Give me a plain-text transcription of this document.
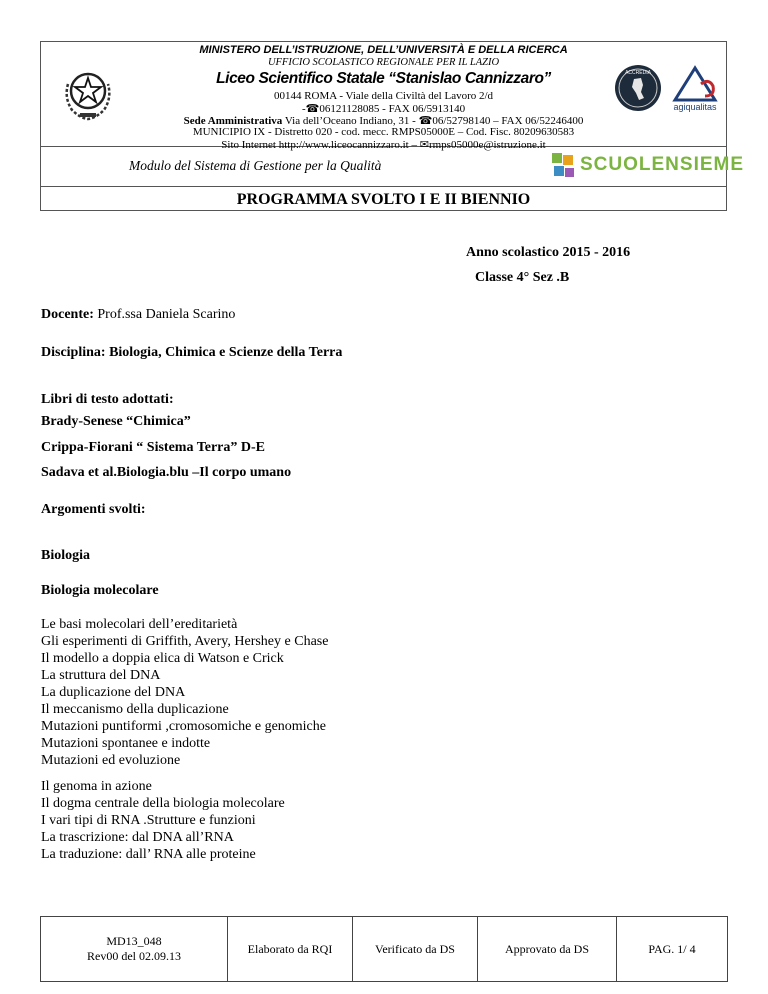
MINISTERO DELL’ISTRUZIONE, DELL’UNIVERSITÀ E DELLA RICERCA
UFFICIO SCOLASTICO REGIONALE PER IL LAZIO
Liceo Scientifico Statale “Stanislao Cannizzaro”
00144 ROMA - Viale della Civiltà del Lavoro 2/d
-☎06121128085 - FAX 06/5913140
Sede Amministrativa Via dell’Oceano Indiano, 31 - ☎06/52798140 – FAX 06/52246400
MUNICIPIO IX - Distretto 020 - cod. mecc. RMPS05000E – Cod. Fisc. 80209630583
Sito Internet http://www.liceocannizzaro.it – ✉rmps05000e@istruzione.it
ACCREDIA
agiqualitas
Modulo del Sistema di Gestione per la Qualità	SCUOLENSIEME
PROGRAMMA SVOLTO I E II BIENNIO
Anno scolastico 2015 - 2016
Classe 4° Sez .B
Docente: Prof.ssa Daniela Scarino
Disciplina: Biologia, Chimica e Scienze della Terra
Libri di testo adottati:
Brady-Senese “Chimica”
Crippa-Fiorani “ Sistema Terra” D-E
Sadava et al.Biologia.blu –Il corpo umano
Argomenti svolti:
Biologia
Biologia molecolare
Le basi molecolari dell’ereditarietà
Gli esperimenti di Griffith, Avery, Hershey e Chase
Il modello a doppia elica di Watson e Crick
La struttura del DNA
La duplicazione del DNA
Il meccanismo della duplicazione
Mutazioni puntiformi ,cromosomiche e genomiche
Mutazioni spontanee e indotte
Mutazioni ed evoluzione
Il genoma in azione
Il dogma centrale della biologia molecolare
I vari tipi di RNA .Strutture e funzioni
La trascrizione: dal DNA all’RNA
La traduzione: dall’ RNA alle proteine
MD13_048
Rev00 del 02.09.13
Elaborato da RQI	Verificato da DS	Approvato da DS	PAG. 1/ 4
